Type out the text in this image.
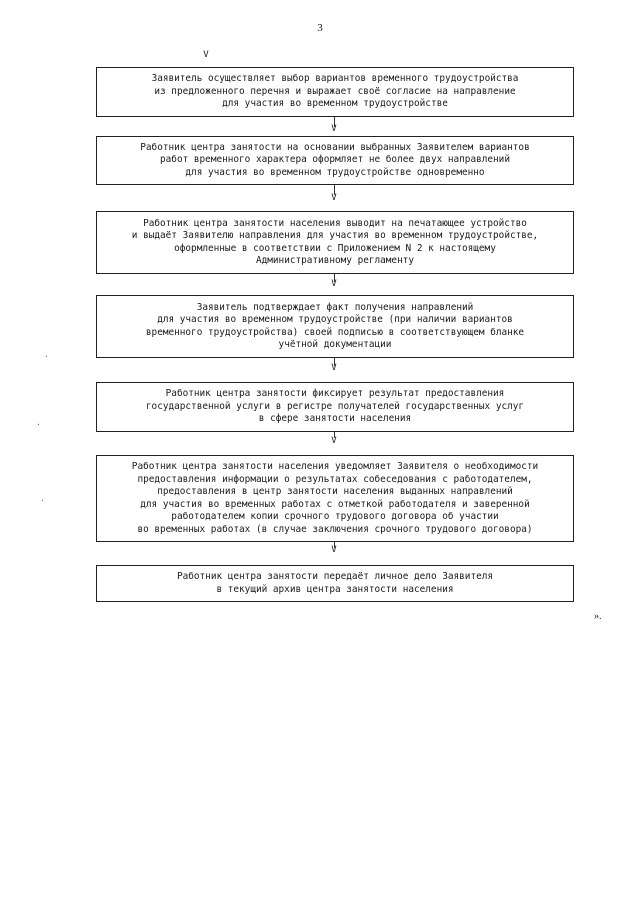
3
V
Заявитель осуществляет выбор вариантов временного трудоустройства
из предложенного перечня и выражает своё согласие на направление
для участия во временном трудоустройстве
V
Работник центра занятости на основании выбранных Заявителем вариантов
работ временного характера оформляет не более двух направлений
для участия во временном трудоустройстве одновременно
V
Работник центра занятости населения выводит на печатающее устройство
и выдаёт Заявителю направления для участия во временном трудоустройстве,
оформленные в соответствии с Приложением N 2 к настоящему
Административному регламенту
V
Заявитель подтверждает факт получения направлений
для участия во временном трудоустройстве (при наличии вариантов
временного трудоустройства) своей подписью в соответствующем бланке
учётной документации
V
Работник центра занятости фиксирует результат предоставления
государственной услуги в регистре получателей государственных услуг
в сфере занятости населения
V
Работник центра занятости населения уведомляет Заявителя о необходимости
предоставления информации о результатах собеседования с работодателем,
предоставления в центр занятости населения выданных направлений
для участия во временных работах с отметкой работодателя и заверенной
работодателем копии срочного трудового договора об участии
во временных работах (в случае заключения срочного трудового договора)
V
Работник центра занятости передаёт личное дело Заявителя
в текущий архив центра занятости населения
».
·
·
·
